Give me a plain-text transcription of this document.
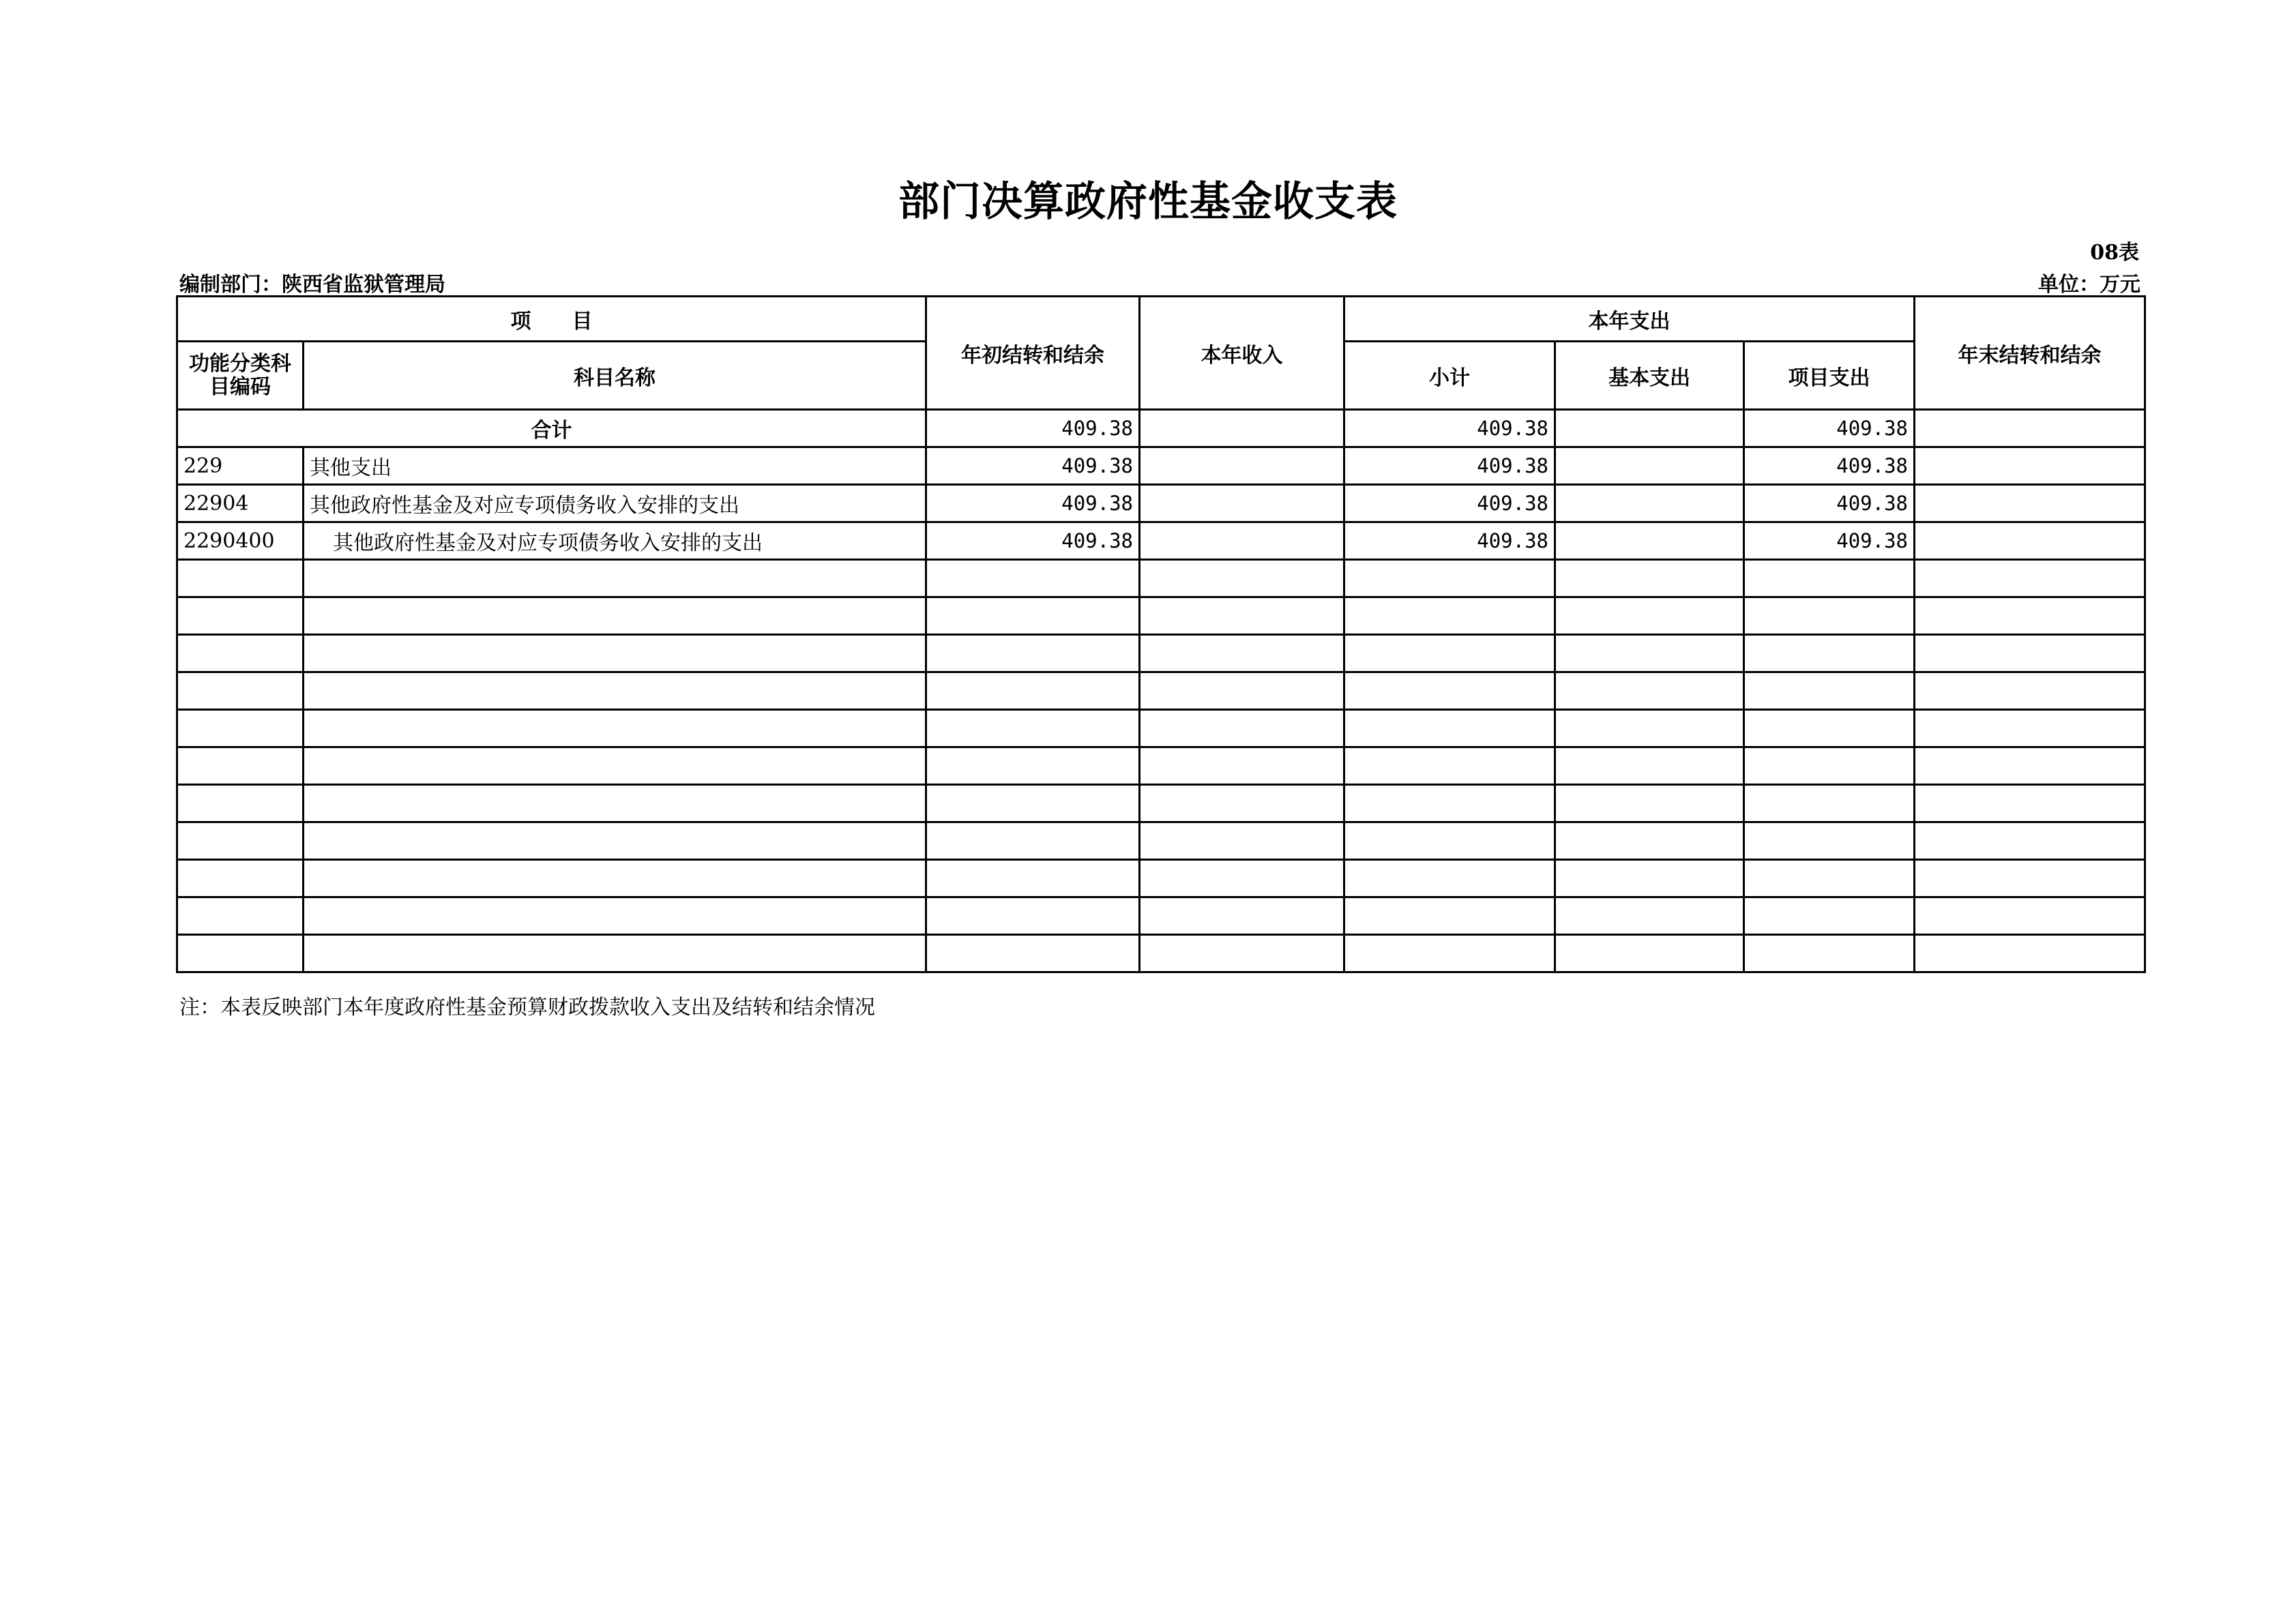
部门决算政府性基金收支表
08表
编制部门：陕西省监狱管理局	单位：万元
项　　目		年初结转和结余	本年收入	本年支出			年末结转和结余
功能分类科目编码	科目名称			小计	基本支出	项目支出	
合计		409.38		409.38		409.38	
229	其他支出	409.38		409.38		409.38	
22904	其他政府性基金及对应专项债务收入安排的支出	409.38		409.38		409.38	
2290400	其他政府性基金及对应专项债务收入安排的支出	409.38		409.38		409.38	

注：本表反映部门本年度政府性基金预算财政拨款收入支出及结转和结余情况
